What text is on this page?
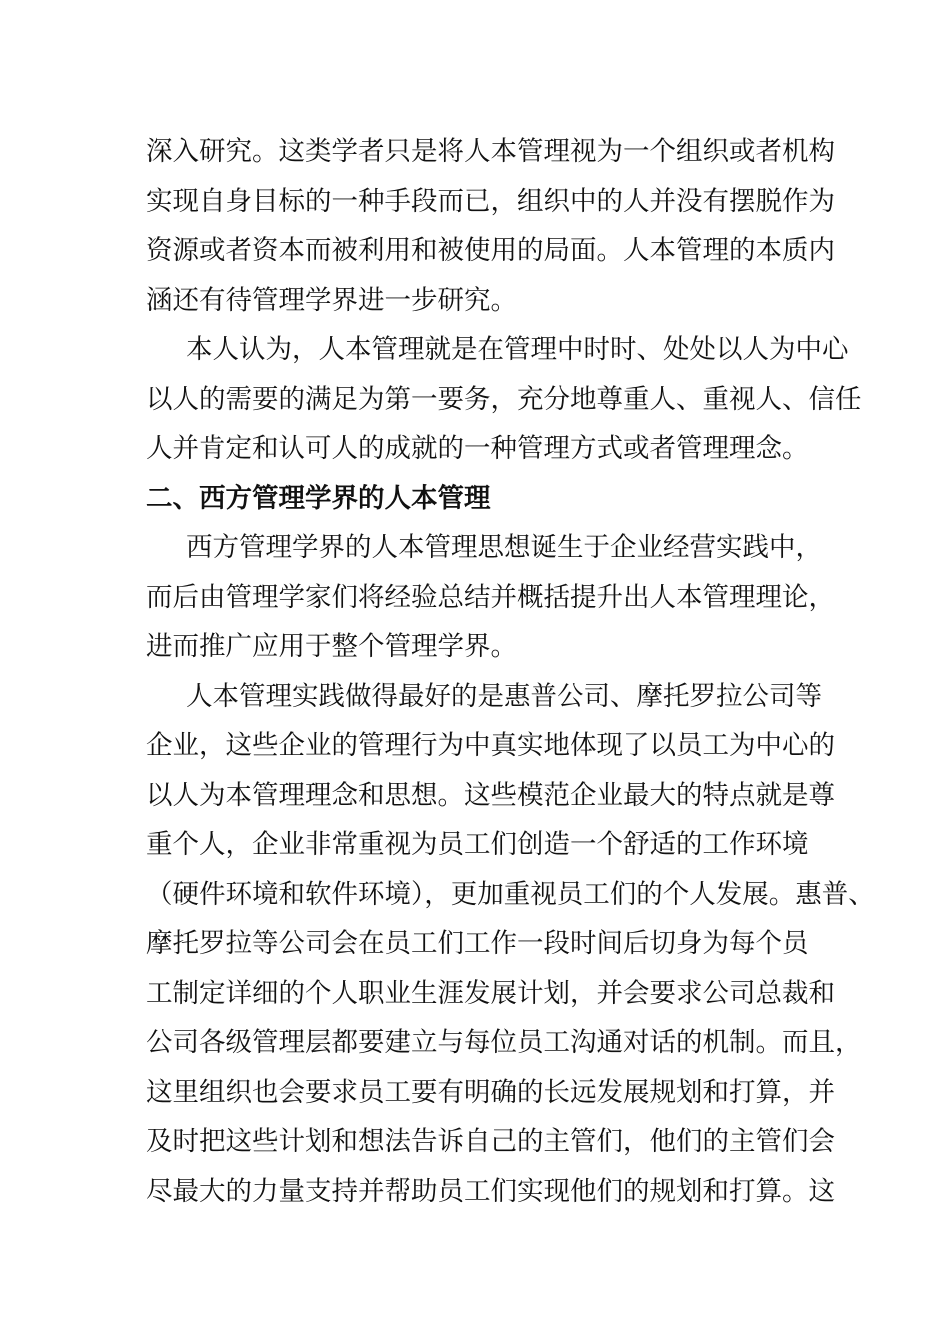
深入研究。这类学者只是将人本管理视为一个组织或者机构
实现自身目标的一种手段而已，组织中的人并没有摆脱作为
资源或者资本而被利用和被使用的局面。人本管理的本质内
涵还有待管理学界进一步研究。
本人认为，人本管理就是在管理中时时、处处以人为中心
以人的需要的满足为第一要务，充分地尊重人、重视人、信任
人并肯定和认可人的成就的一种管理方式或者管理理念。
二、西方管理学界的人本管理
西方管理学界的人本管理思想诞生于企业经营实践中，
而后由管理学家们将经验总结并概括提升出人本管理理论，
进而推广应用于整个管理学界。
人本管理实践做得最好的是惠普公司、摩托罗拉公司等
企业，这些企业的管理行为中真实地体现了以员工为中心的
以人为本管理理念和思想。这些模范企业最大的特点就是尊
重个人，企业非常重视为员工们创造一个舒适的工作环境
（硬件环境和软件环境），更加重视员工们的个人发展。惠普、
摩托罗拉等公司会在员工们工作一段时间后切身为每个员
工制定详细的个人职业生涯发展计划，并会要求公司总裁和
公司各级管理层都要建立与每位员工沟通对话的机制。而且，
这里组织也会要求员工要有明确的长远发展规划和打算，并
及时把这些计划和想法告诉自己的主管们，他们的主管们会
尽最大的力量支持并帮助员工们实现他们的规划和打算。这
